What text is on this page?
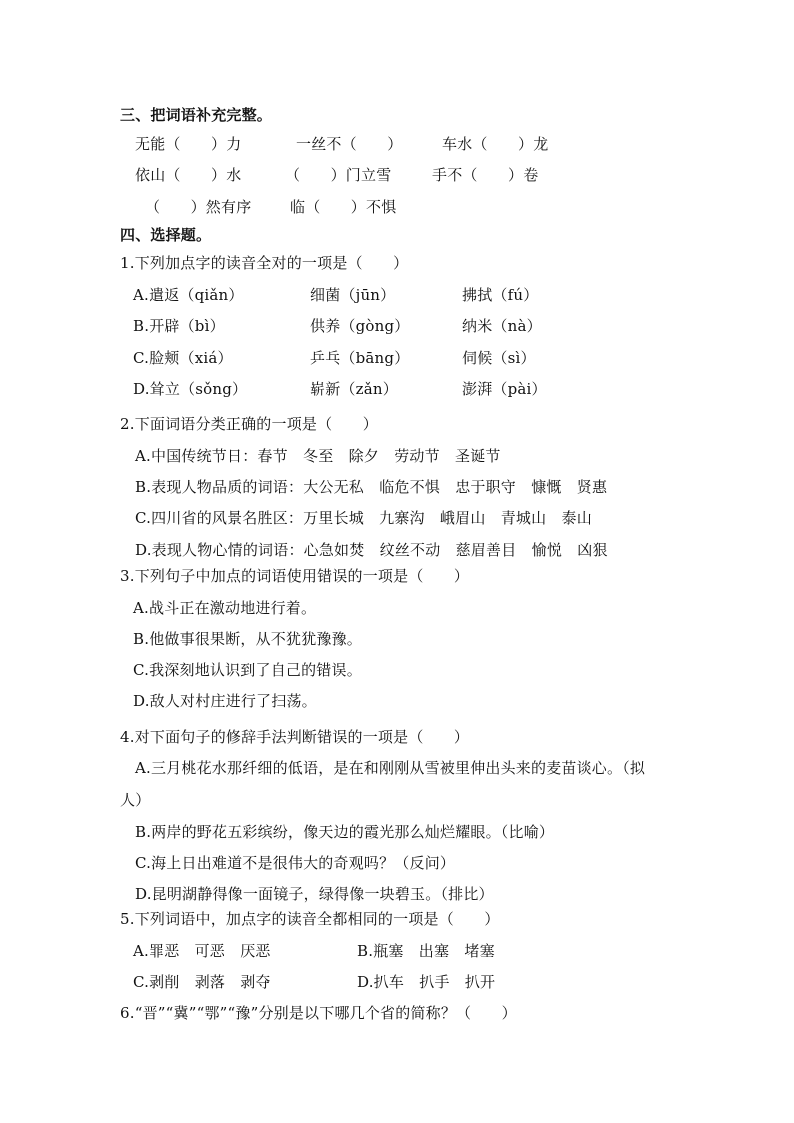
三、把词语补充完整。
无能（　　）力	一丝不（　　）	车水（　　）龙
依山（　　）水	（　　）门立雪	手不（　　）卷
（　　）然有序	临（　　）不惧
四、选择题。
1.下列加点字的读音全对的一项是（　　）
A.遣返（qiǎn）	细菌（jūn）	拂拭（fú）
B.开辟（bì）	供养（gòng）	纳米（nà）
C.脸颊（xiá）	乒乓（bāng）	伺候（sì）
D.耸立（sǒng）	崭新（zǎn）	澎湃（pài）
2.下面词语分类正确的一项是（　　）
A.中国传统节日：春节　冬至　除夕　劳动节　圣诞节
B.表现人物品质的词语：大公无私　临危不惧　忠于职守　慷慨　贤惠
C.四川省的风景名胜区：万里长城　九寨沟　峨眉山　青城山　泰山
D.表现人物心情的词语：心急如焚　纹丝不动　慈眉善目　愉悦　凶狠
3.下列句子中加点的词语使用错误的一项是（　　）
A.战斗正在激动地进行着。
B.他做事很果断，从不犹犹豫豫。
C.我深刻地认识到了自己的错误。
D.敌人对村庄进行了扫荡。
4.对下面句子的修辞手法判断错误的一项是（　　）
A.三月桃花水那纤细的低语，是在和刚刚从雪被里伸出头来的麦苗谈心。（拟
人）
B.两岸的野花五彩缤纷，像天边的霞光那么灿烂耀眼。（比喻）
C.海上日出难道不是很伟大的奇观吗？（反问）
D.昆明湖静得像一面镜子，绿得像一块碧玉。（排比）
5.下列词语中，加点字的读音全都相同的一项是（　　）
A.罪恶　可恶　厌恶	B.瓶塞　出塞　堵塞
C.剥削　剥落　剥夺	D.扒车　扒手　扒开
6.“晋”“冀”“鄂”“豫”分别是以下哪几个省的简称？（　　）
